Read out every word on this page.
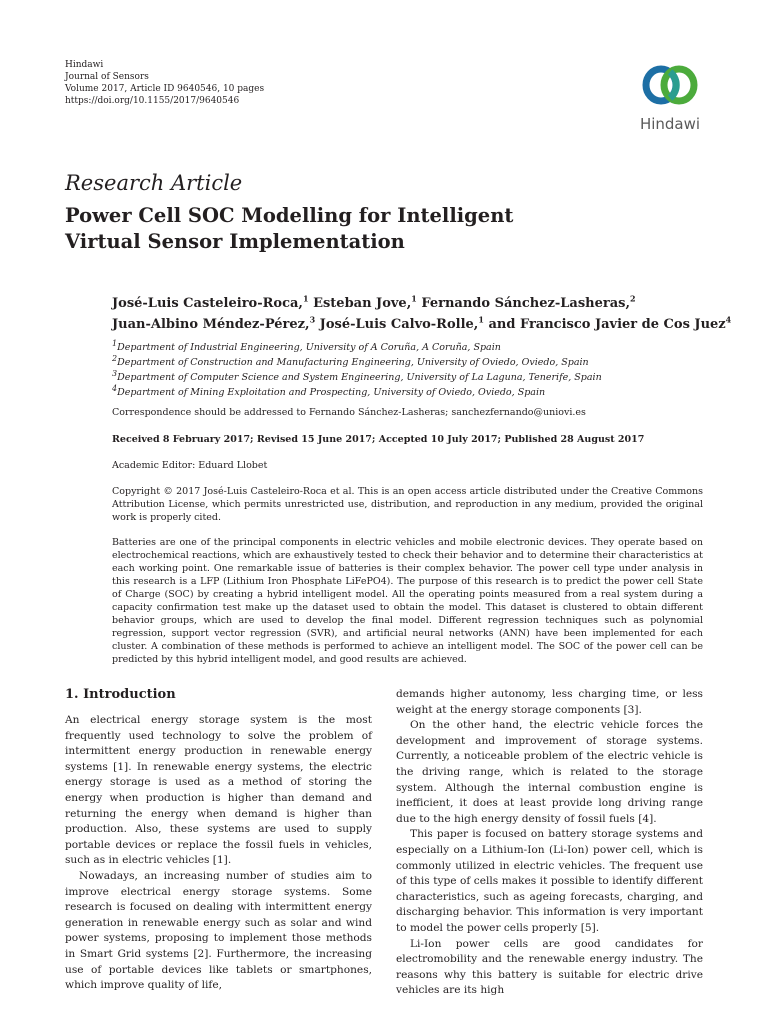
Hindawi
Journal of Sensors
Volume 2017, Article ID 9640546, 10 pages
https://doi.org/10.1155/2017/9640546
Hindawi
Research Article
Power Cell SOC Modelling for Intelligent
Virtual Sensor Implementation
José-Luis Casteleiro-Roca,$^1$ Esteban Jove,$^1$ Fernando Sánchez-Lasheras,$^2$
Juan-Albino Méndez-Pérez,$^3$ José-Luis Calvo-Rolle,$^1$ and Francisco Javier de Cos Juez$^4$
$^1$Department of Industrial Engineering, University of A Coruña, A Coruña, Spain
$^2$Department of Construction and Manufacturing Engineering, University of Oviedo, Oviedo, Spain
$^3$Department of Computer Science and System Engineering, University of La Laguna, Tenerife, Spain
$^4$Department of Mining Exploitation and Prospecting, University of Oviedo, Oviedo, Spain
Correspondence should be addressed to Fernando Sánchez-Lasheras; sanchezfernando@uniovi.es
Received 8 February 2017; Revised 15 June 2017; Accepted 10 July 2017; Published 28 August 2017
Academic Editor: Eduard Llobet
Copyright © 2017 José-Luis Casteleiro-Roca et al. This is an open access article distributed under the Creative Commons Attribution License, which permits unrestricted use, distribution, and reproduction in any medium, provided the original work is properly cited.
Batteries are one of the principal components in electric vehicles and mobile electronic devices. They operate based on electrochemical reactions, which are exhaustively tested to check their behavior and to determine their characteristics at each working point. One remarkable issue of batteries is their complex behavior. The power cell type under analysis in this research is a LFP (Lithium Iron Phosphate LiFePO4). The purpose of this research is to predict the power cell State of Charge (SOC) by creating a hybrid intelligent model. All the operating points measured from a real system during a capacity confirmation test make up the dataset used to obtain the model. This dataset is clustered to obtain different behavior groups, which are used to develop the final model. Different regression techniques such as polynomial regression, support vector regression (SVR), and artificial neural networks (ANN) have been implemented for each cluster. A combination of these methods is performed to achieve an intelligent model. The SOC of the power cell can be predicted by this hybrid intelligent model, and good results are achieved.
1. Introduction

An electrical energy storage system is the most frequently used technology to solve the problem of intermittent energy production in renewable energy systems [1]. In renewable energy systems, the electric energy storage is used as a method of storing the energy when production is higher than demand and returning the energy when demand is higher than production. Also, these systems are used to supply portable devices or replace the fossil fuels in vehicles, such as in electric vehicles [1].

Nowadays, an increasing number of studies aim to improve electrical energy storage systems. Some research is focused on dealing with intermittent energy generation in renewable energy such as solar and wind power systems, proposing to implement those methods in Smart Grid systems [2]. Furthermore, the increasing use of portable devices like tablets or smartphones, which improve quality of life,

demands higher autonomy, less charging time, or less weight at the energy storage components [3].

On the other hand, the electric vehicle forces the development and improvement of storage systems. Currently, a noticeable problem of the electric vehicle is the driving range, which is related to the storage system. Although the internal combustion engine is inefficient, it does at least provide long driving range due to the high energy density of fossil fuels [4].

This paper is focused on battery storage systems and especially on a Lithium-Ion (Li-Ion) power cell, which is commonly utilized in electric vehicles. The frequent use of this type of cells makes it possible to identify different characteristics, such as ageing forecasts, charging, and discharging behavior. This information is very important to model the power cells properly [5].

Li-Ion power cells are good candidates for electromobility and the renewable energy industry. The reasons why this battery is suitable for electric drive vehicles are its high
